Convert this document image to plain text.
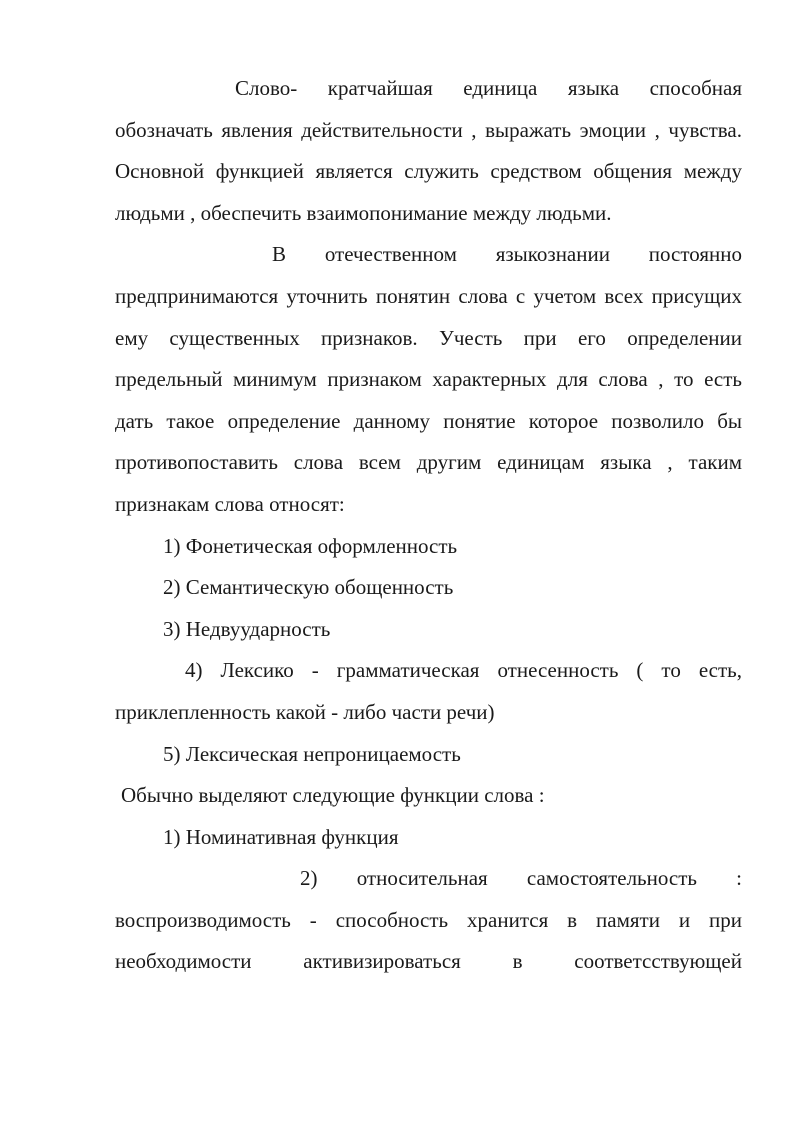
Слово- кратчайшая единица языка способная обозначать явления действительности , выражать эмоции , чувства. Основной функцией является служить средством общения между людьми , обеспечить взаимопонимание между людьми.

В отечественном языкознании постоянно предпринимаются уточнить понятин слова с учетом всех присущих ему существенных признаков. Учесть при его определении предельный минимум признаком характерных для слова , то есть дать такое определение данному понятие которое позволило бы противопоставить слова всем другим единицам языка , таким признакам слова относят:

1) Фонетическая оформленность

2) Семантическую обощенность

3) Недвуударность

4) Лексико - грамматическая отнесенность ( то есть, приклепленность какой - либо части речи)

5) Лексическая непроницаемость

Обычно выделяют следующие функции слова :

1) Номинативная функция

2) относительная самостоятельность : воспроизводимость - способность хранится в памяти и при необходимости активизироваться в соответсствующей
